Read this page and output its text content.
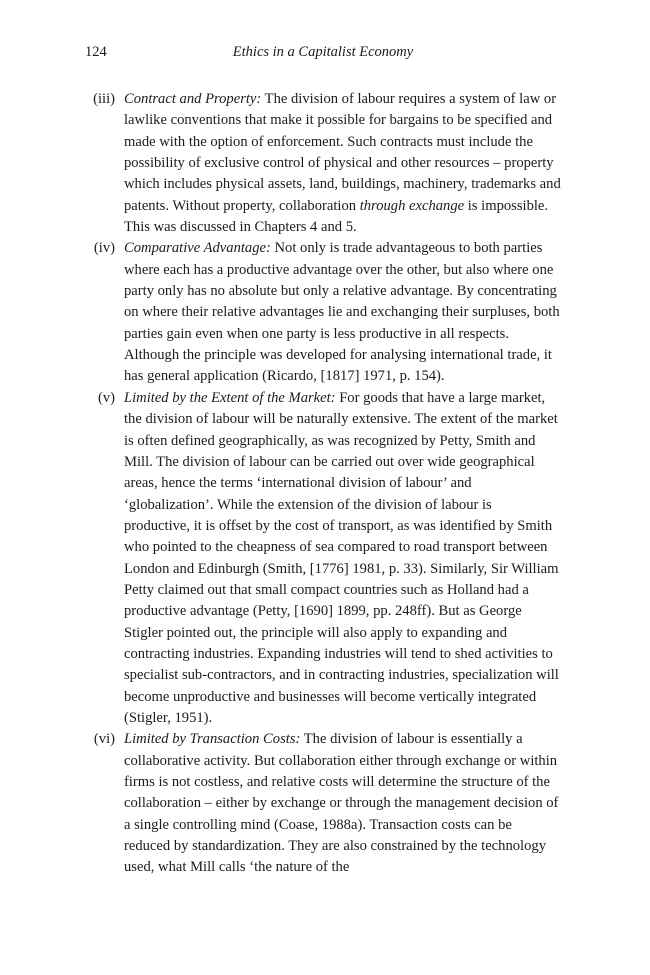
124	Ethics in a Capitalist Economy
(iii) Contract and Property: The division of labour requires a system of law or lawlike conventions that make it possible for bargains to be specified and made with the option of enforcement. Such contracts must include the possibility of exclusive control of physical and other resources – property which includes physical assets, land, buildings, machinery, trademarks and patents. Without property, collaboration through exchange is impossible. This was discussed in Chapters 4 and 5.
(iv) Comparative Advantage: Not only is trade advantageous to both parties where each has a productive advantage over the other, but also where one party only has no absolute but only a relative advantage. By concentrating on where their relative advantages lie and exchanging their surpluses, both parties gain even when one party is less productive in all respects. Although the principle was developed for analysing international trade, it has general application (Ricardo, [1817] 1971, p. 154).
(v) Limited by the Extent of the Market: For goods that have a large market, the division of labour will be naturally extensive. The extent of the market is often defined geographically, as was recognized by Petty, Smith and Mill. The division of labour can be carried out over wide geographical areas, hence the terms ‘international division of labour’ and ‘globalization’. While the extension of the division of labour is productive, it is offset by the cost of transport, as was identified by Smith who pointed to the cheapness of sea compared to road transport between London and Edinburgh (Smith, [1776] 1981, p. 33). Similarly, Sir William Petty claimed out that small compact countries such as Holland had a productive advantage (Petty, [1690] 1899, pp. 248ff). But as George Stigler pointed out, the principle will also apply to expanding and contracting industries. Expanding industries will tend to shed activities to specialist sub-contractors, and in contracting industries, specialization will become unproductive and businesses will become vertically integrated (Stigler, 1951).
(vi) Limited by Transaction Costs: The division of labour is essentially a collaborative activity. But collaboration either through exchange or within firms is not costless, and relative costs will determine the structure of the collaboration – either by exchange or through the management decision of a single controlling mind (Coase, 1988a). Transaction costs can be reduced by standardization. They are also constrained by the technology used, what Mill calls ‘the nature of the
